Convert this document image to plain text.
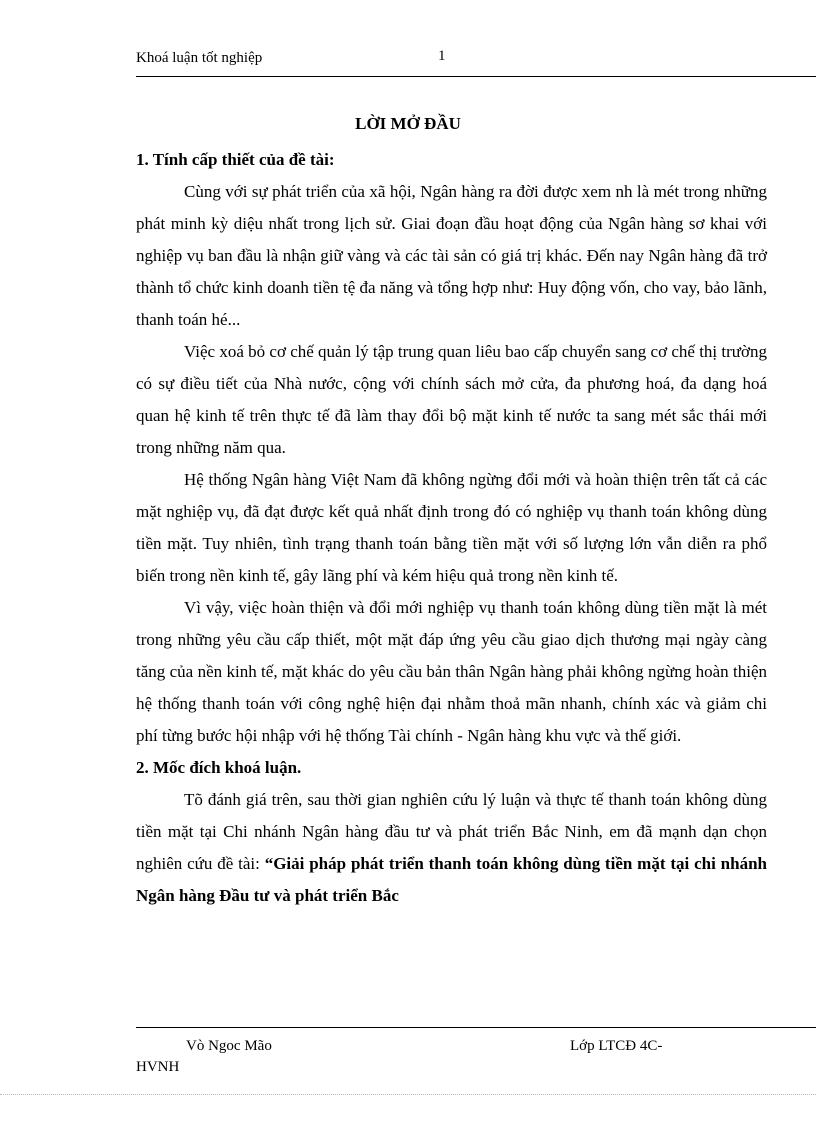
Khoá luận tốt nghiệp	1
LỜI MỞ ĐẦU
1. Tính cấp thiết của đề tài:

Cùng với sự phát triển của xã hội, Ngân hàng ra đời được xem nh là mét trong những phát minh kỳ diệu nhất trong lịch sử. Giai đoạn đầu hoạt động của Ngân hàng sơ khai với nghiệp vụ ban đầu là nhận giữ vàng và các tài sản có giá trị khác. Đến nay Ngân hàng đã trở thành tổ chức kinh doanh tiền tệ đa năng và tổng hợp như: Huy động vốn, cho vay, bảo lãnh, thanh toán hé...

Việc xoá bỏ cơ chế quản lý tập trung quan liêu bao cấp chuyển sang cơ chế thị trường có sự điều tiết của Nhà nước, cộng với chính sách mở cửa, đa phương hoá, đa dạng hoá quan hệ kinh tế trên thực tế đã làm thay đổi bộ mặt kinh tế nước ta sang mét sắc thái mới trong những năm qua.

Hệ thống Ngân hàng Việt Nam đã không ngừng đổi mới và hoàn thiện trên tất cả các mặt nghiệp vụ, đã đạt được kết quả nhất định trong đó có nghiệp vụ thanh toán không dùng tiền mặt. Tuy nhiên, tình trạng thanh toán bằng tiền mặt với số lượng lớn vẫn diễn ra phổ biến trong nền kinh tế, gây lãng phí và kém hiệu quả trong nền kinh tế.

Vì vậy, việc hoàn thiện và đổi mới nghiệp vụ thanh toán không dùng tiền mặt là mét trong những yêu cầu cấp thiết, một mặt đáp ứng yêu cầu giao dịch thương mại ngày càng tăng của nền kinh tế, mặt khác do yêu cầu bản thân Ngân hàng phải không ngừng hoàn thiện hệ thống thanh toán với công nghệ hiện đại nhằm thoả mãn nhanh, chính xác và giảm chi phí từng bước hội nhập với hệ thống Tài chính - Ngân hàng khu vực và thế giới.

2. Mốc đích khoá luận.

Tõ đánh giá trên, sau thời gian nghiên cứu lý luận và thực tế thanh toán không dùng tiền mặt tại Chi nhánh Ngân hàng đầu tư và phát triển Bắc Ninh, em đã mạnh dạn chọn nghiên cứu đề tài: “Giải pháp phát triển thanh toán không dùng tiền mặt tại chi nhánh Ngân hàng Đầu tư và phát triển Bắc

Vò Ngoc Mão	Lớp LTCĐ 4C-
HVNH
